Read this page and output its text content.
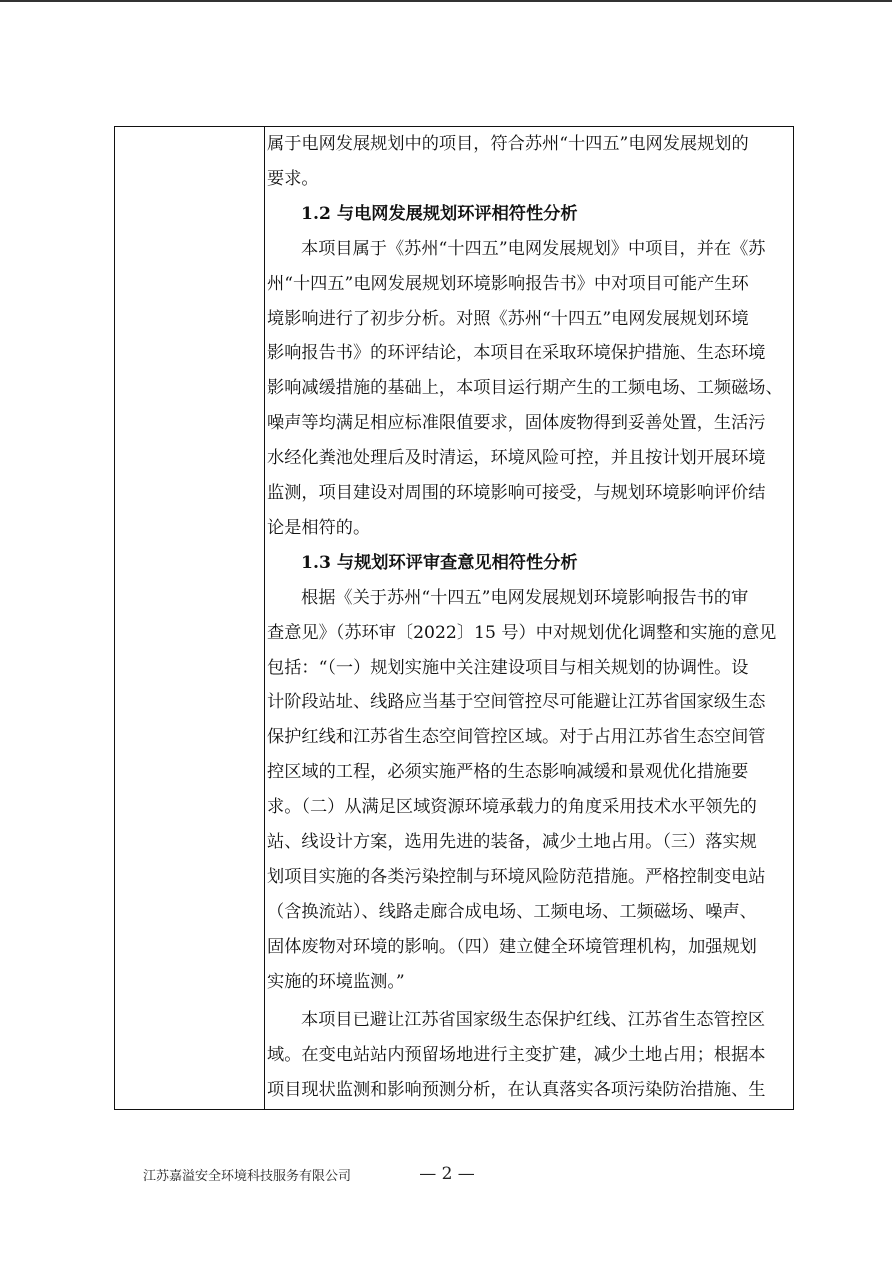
属于电网发展规划中的项目，符合苏州“十四五”电网发展规划的
要求。
1.2 与电网发展规划环评相符性分析
本项目属于《苏州“十四五”电网发展规划》中项目，并在《苏
州“十四五”电网发展规划环境影响报告书》中对项目可能产生环
境影响进行了初步分析。对照《苏州“十四五”电网发展规划环境
影响报告书》的环评结论，本项目在采取环境保护措施、生态环境
影响减缓措施的基础上，本项目运行期产生的工频电场、工频磁场、
噪声等均满足相应标准限值要求，固体废物得到妥善处置，生活污
水经化粪池处理后及时清运，环境风险可控，并且按计划开展环境
监测，项目建设对周围的环境影响可接受，与规划环境影响评价结
论是相符的。
1.3 与规划环评审查意见相符性分析
根据《关于苏州“十四五”电网发展规划环境影响报告书的审
查意见》（苏环审〔2022〕15 号）中对规划优化调整和实施的意见
包括：“（一）规划实施中关注建设项目与相关规划的协调性。设
计阶段站址、线路应当基于空间管控尽可能避让江苏省国家级生态
保护红线和江苏省生态空间管控区域。对于占用江苏省生态空间管
控区域的工程，必须实施严格的生态影响减缓和景观优化措施要
求。（二）从满足区域资源环境承载力的角度采用技术水平领先的
站、线设计方案，选用先进的装备，减少土地占用。（三）落实规
划项目实施的各类污染控制与环境风险防范措施。严格控制变电站
（含换流站）、线路走廊合成电场、工频电场、工频磁场、噪声、
固体废物对环境的影响。（四）建立健全环境管理机构，加强规划
实施的环境监测。”
本项目已避让江苏省国家级生态保护红线、江苏省生态管控区
域。在变电站站内预留场地进行主变扩建，减少土地占用；根据本
项目现状监测和影响预测分析，在认真落实各项污染防治措施、生
江苏嘉溢安全环境科技服务有限公司	— 2 —
